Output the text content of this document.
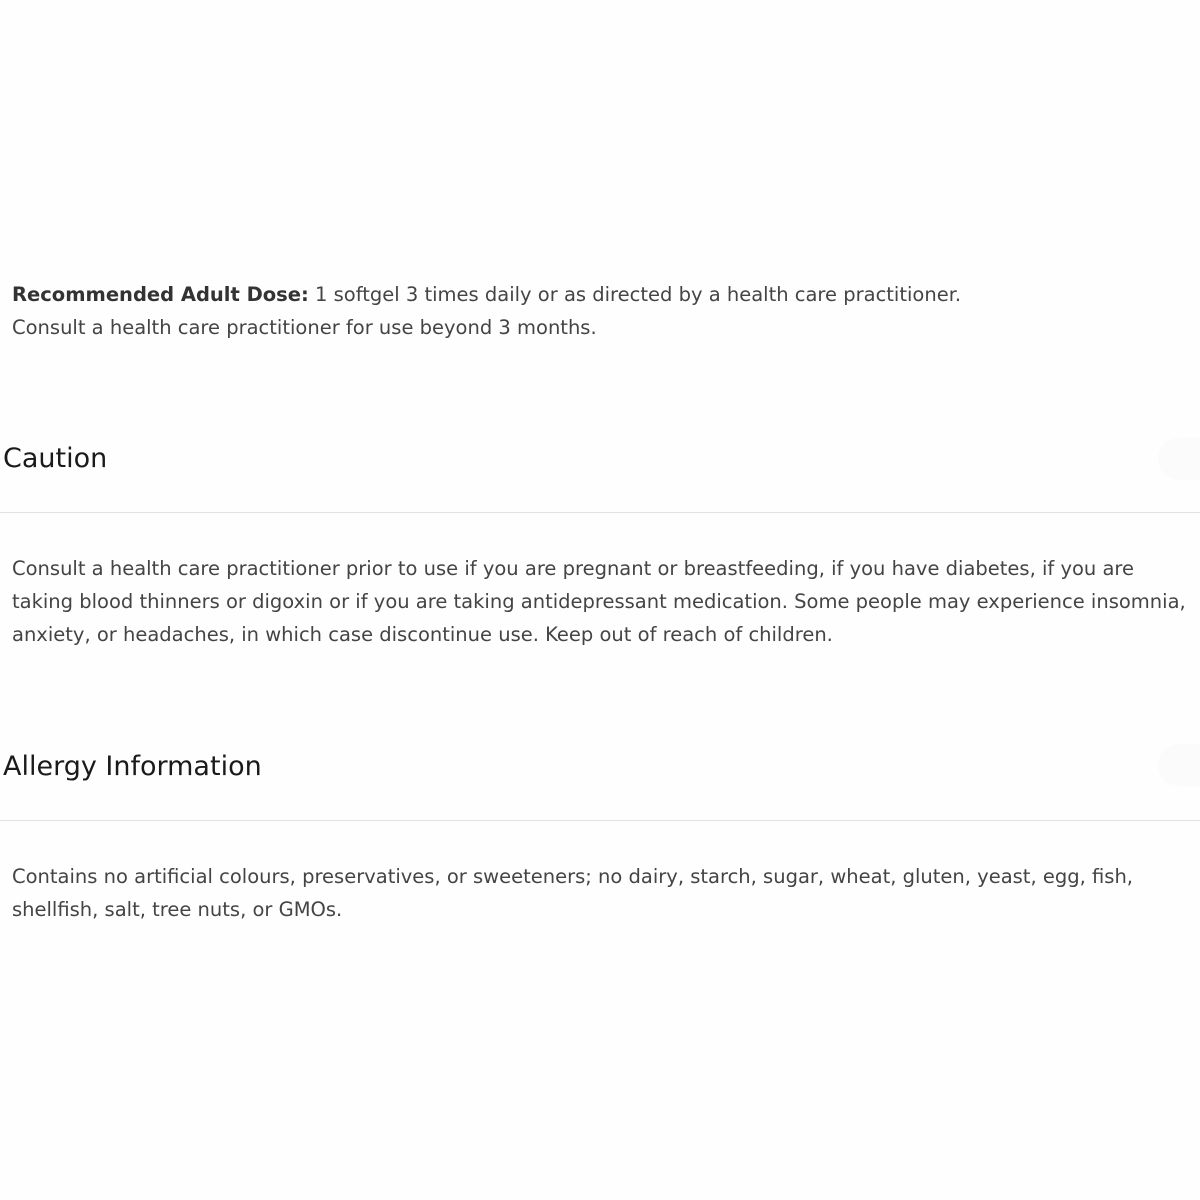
Recommended Adult Dose: 1 softgel 3 times daily or as directed by a health care practitioner.
Consult a health care practitioner for use beyond 3 months.

Caution

Consult a health care practitioner prior to use if you are pregnant or breastfeeding, if you have diabetes, if you are taking blood thinners or digoxin or if you are taking antidepressant medication. Some people may experience insomnia, anxiety, or headaches, in which case discontinue use. Keep out of reach of children.

Allergy Information

Contains no artificial colours, preservatives, or sweeteners; no dairy, starch, sugar, wheat, gluten, yeast, egg, fish, shellfish, salt, tree nuts, or GMOs.
